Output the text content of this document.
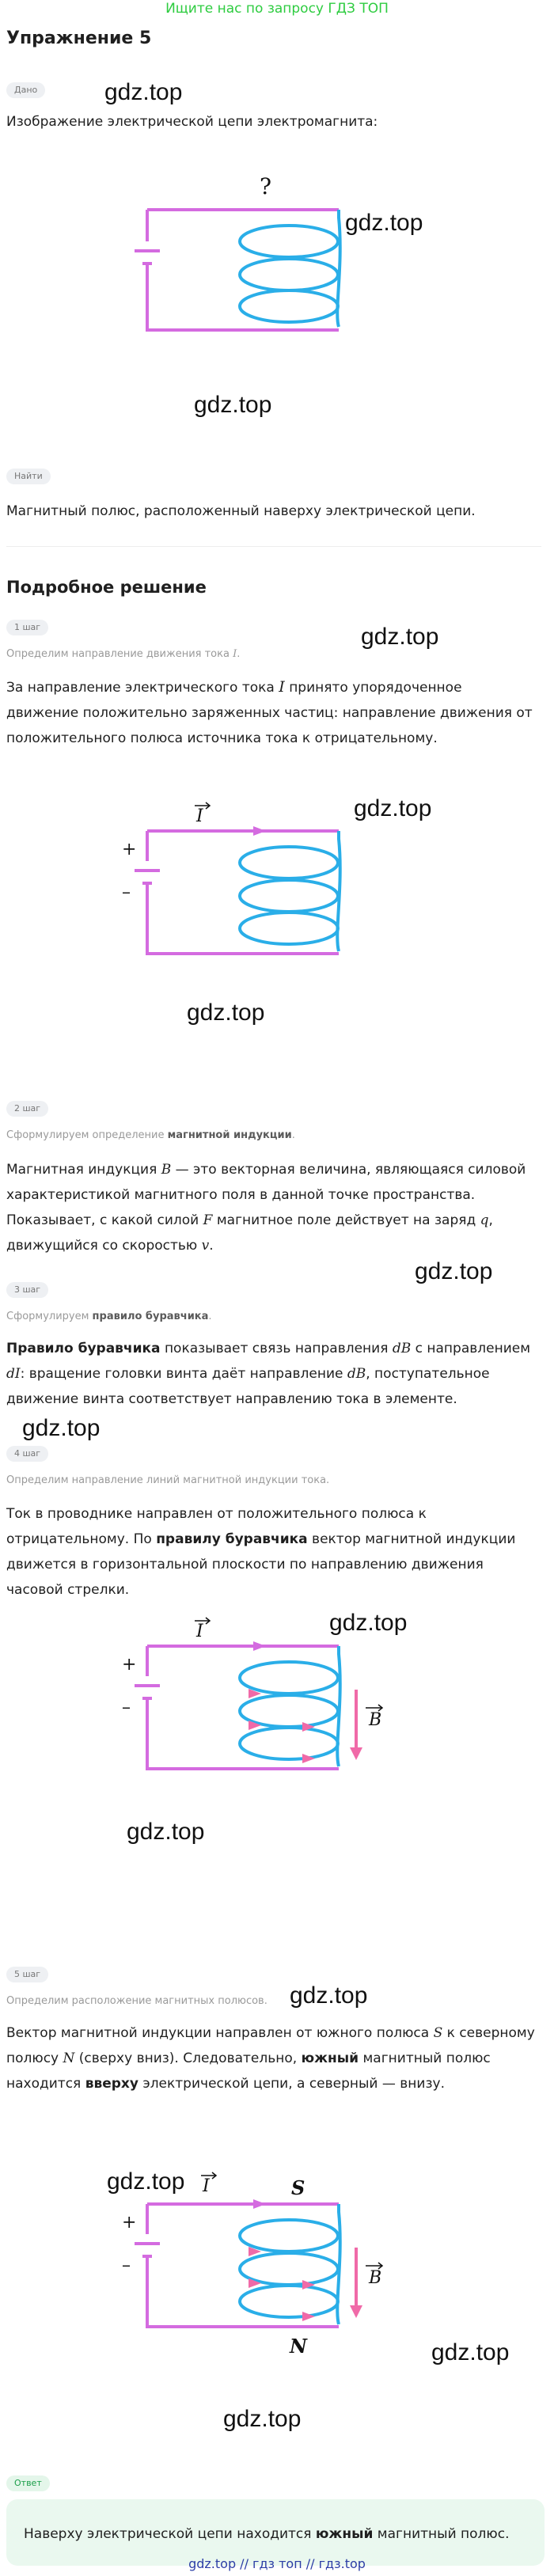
Ищите нас по запросу ГДЗ ТОП
Упражнение 5
Дано	gdz.top
Изображение электрической цепи электромагнита:
?
gdz.top
gdz.top
Найти
Магнитный полюс, расположенный наверху электрической цепи.
Подробное решение
1 шаг
Определим направление движения тока I.
gdz.top
За направление электрического тока I принято упорядоченное движение положительно заряженных частиц: направление движения от положительного полюса источника тока к отрицательному.
I
+
–
gdz.top
gdz.top
2 шаг
Сформулируем определение магнитной индукции.
Магнитная индукция B — это векторная величина, являющаяся силовой характеристикой магнитного поля в данной точке пространства. Показывает, с какой силой F магнитное поле действует на заряд q, движущийся со скоростью v.
gdz.top
3 шаг
Сформулируем правило буравчика.
Правило буравчика показывает связь направления dB с направлением dI: вращение головки винта даёт направление dB, поступательное движение винта соответствует направлению тока в элементе.
gdz.top
4 шаг
Определим направление линий магнитной индукции тока.
Ток в проводнике направлен от положительного полюса к отрицательному. По правилу буравчика вектор магнитной индукции движется в горизонтальной плоскости по направлению движения часовой стрелки.
I
B
+
–
gdz.top
gdz.top
5 шаг
Определим расположение магнитных полюсов. gdz.top
Вектор магнитной индукции направлен от южного полюса S к северному полюсу N (сверху вниз). Следовательно, южный магнитный полюс находится вверху электрической цепи, а северный — внизу.
I
B
S
N
+
–
gdz.top
gdz.top
gdz.top
Ответ
Наверху электрической цепи находится южный магнитный полюс.
gdz.top // гдз топ // гдз.top
